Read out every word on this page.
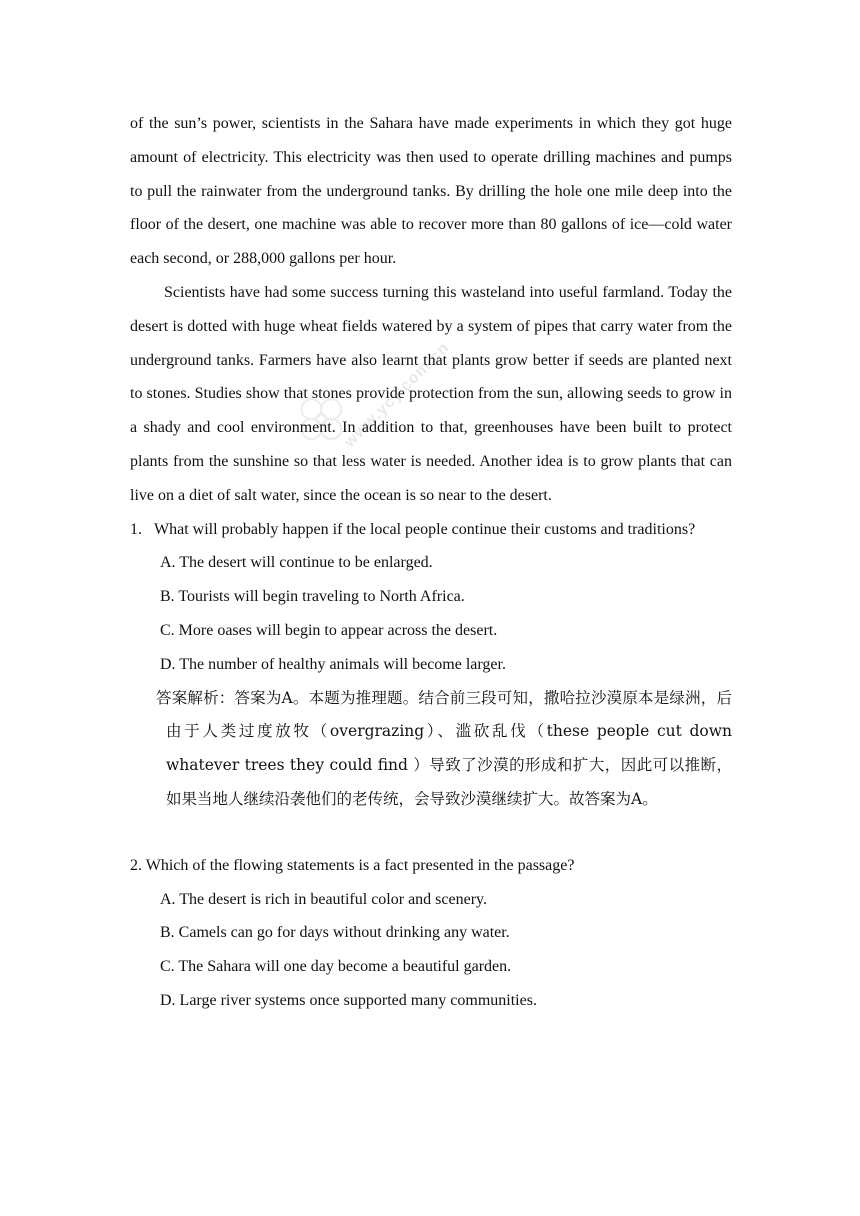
www.ycy.com.cn

of the sun’s power, scientists in the Sahara have made experiments in which they got huge amount of electricity. This electricity was then used to operate drilling machines and pumps to pull the rainwater from the underground tanks. By drilling the hole one mile deep into the floor of the desert, one machine was able to recover more than 80 gallons of ice—cold water each second, or 288,000 gallons per hour.

Scientists have had some success turning this wasteland into useful farmland. Today the desert is dotted with huge wheat fields watered by a system of pipes that carry water from the underground tanks. Farmers have also learnt that plants grow better if seeds are planted next to stones. Studies show that stones provide protection from the sun, allowing seeds to grow in a shady and cool environment. In addition to that, greenhouses have been built to protect plants from the sunshine so that less water is needed. Another idea is to grow plants that can live on a diet of salt water, since the ocean is so near to the desert.

1. What will probably happen if the local people continue their customs and traditions?

A. The desert will continue to be enlarged.

B. Tourists will begin traveling to North Africa.

C. More oases will begin to appear across the desert.

D. The number of healthy animals will become larger.

答案解析：答案为A。本题为推理题。结合前三段可知，撒哈拉沙漠原本是绿洲，后由于人类过度放牧（overgrazing）、滥砍乱伐（these people cut down whatever trees they could find ）导致了沙漠的形成和扩大，因此可以推断，如果当地人继续沿袭他们的老传统，会导致沙漠继续扩大。故答案为A。

2. Which of the flowing statements is a fact presented in the passage?

A. The desert is rich in beautiful color and scenery.

B. Camels can go for days without drinking any water.

C. The Sahara will one day become a beautiful garden.

D. Large river systems once supported many communities.
